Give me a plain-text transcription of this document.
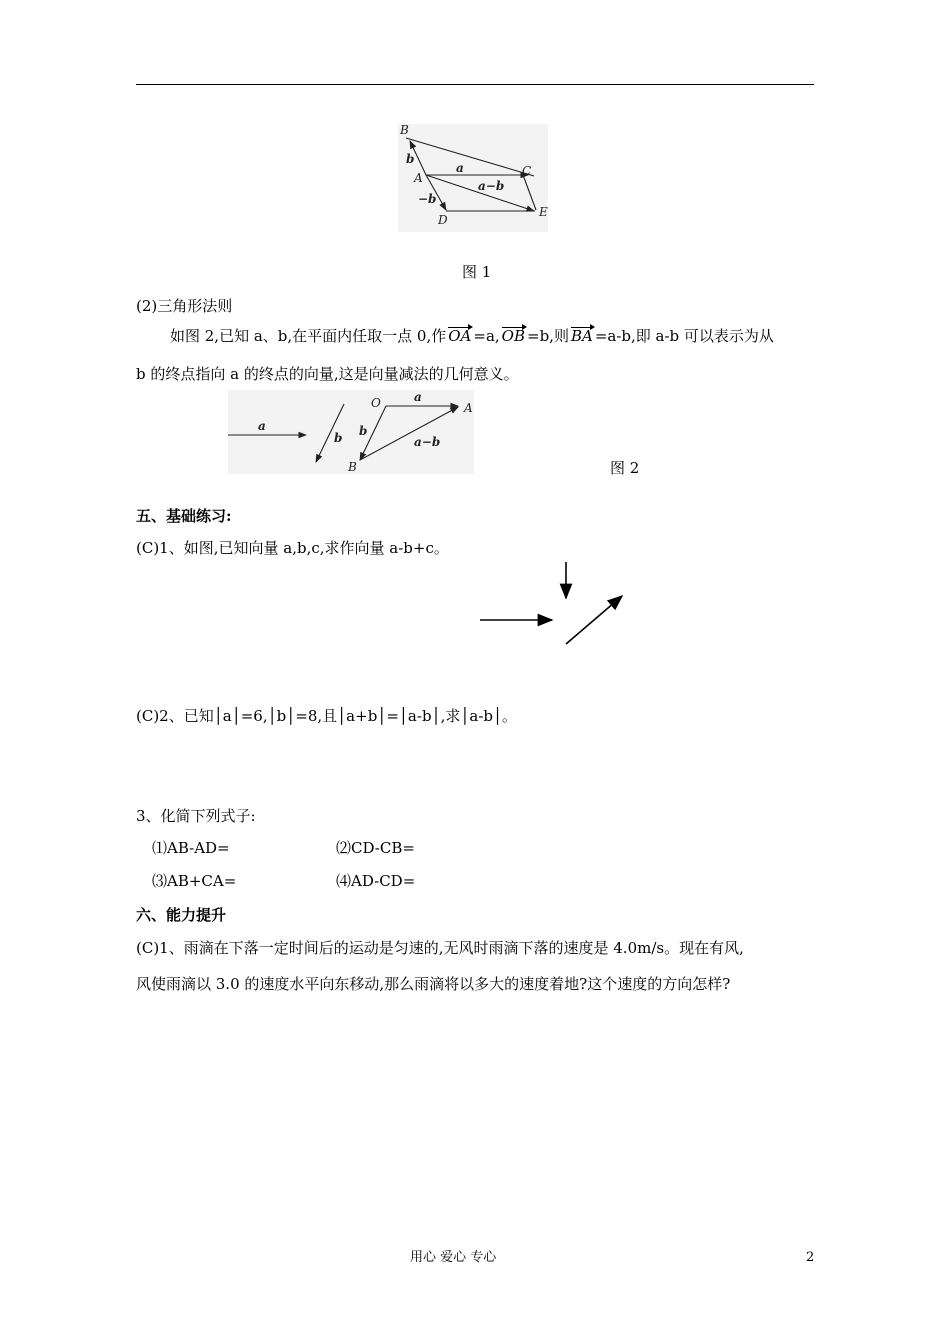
B
b
A
a	C
a−b
−b
D
E
图 1
(2)三角形法则
如图 2,已知 a、b,在平面内任取一点 0,作 OA =a, OB =b,则 BA =a-b,即 a-b 可以表示为从
b 的终点指向 a 的终点的向量,这是向量减法的几何意义。
a
b
O	a
A
b
a−b
B	图 2
五、基础练习:
(C)1、如图,已知向量 a,b,c,求作向量 a-b+c。
(C)2、已知│a│=6,│b│=8,且│a+b│=│a-b│,求│a-b│。
3、化简下列式子:
⑴AB-AD=	⑵CD-CB=
⑶AB+CA=	⑷AD-CD=
六、能力提升
(C)1、雨滴在下落一定时间后的运动是匀速的,无风时雨滴下落的速度是 4.0m/s。现在有风,
风使雨滴以 3.0 的速度水平向东移动,那么雨滴将以多大的速度着地?这个速度的方向怎样?
用心 爱心 专心	2
